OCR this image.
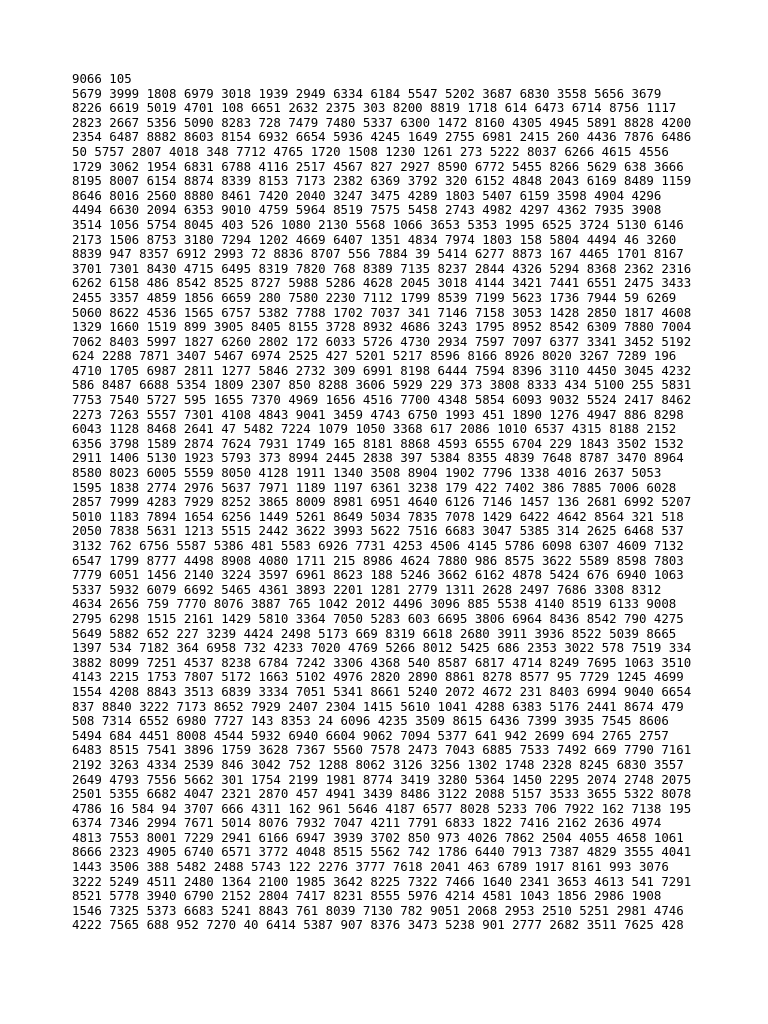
9066 105
5679 3999 1808 6979 3018 1939 2949 6334 6184 5547 5202 3687 6830 3558 5656 3679
8226 6619 5019 4701 108 6651 2632 2375 303 8200 8819 1718 614 6473 6714 8756 1117
2823 2667 5356 5090 8283 728 7479 7480 5337 6300 1472 8160 4305 4945 5891 8828 4200
2354 6487 8882 8603 8154 6932 6654 5936 4245 1649 2755 6981 2415 260 4436 7876 6486
50 5757 2807 4018 348 7712 4765 1720 1508 1230 1261 273 5222 8037 6266 4615 4556
1729 3062 1954 6831 6788 4116 2517 4567 827 2927 8590 6772 5455 8266 5629 638 3666
8195 8007 6154 8874 8339 8153 7173 2382 6369 3792 320 6152 4848 2043 6169 8489 1159
8646 8016 2560 8880 8461 7420 2040 3247 3475 4289 1803 5407 6159 3598 4904 4296
4494 6630 2094 6353 9010 4759 5964 8519 7575 5458 2743 4982 4297 4362 7935 3908
3514 1056 5754 8045 403 526 1080 2130 5568 1066 3653 5353 1995 6525 3724 5130 6146
2173 1506 8753 3180 7294 1202 4669 6407 1351 4834 7974 1803 158 5804 4494 46 3260
8839 947 8357 6912 2993 72 8836 8707 556 7884 39 5414 6277 8873 167 4465 1701 8167
3701 7301 8430 4715 6495 8319 7820 768 8389 7135 8237 2844 4326 5294 8368 2362 2316
6262 6158 486 8542 8525 8727 5988 5286 4628 2045 3018 4144 3421 7441 6551 2475 3433
2455 3357 4859 1856 6659 280 7580 2230 7112 1799 8539 7199 5623 1736 7944 59 6269
5060 8622 4536 1565 6757 5382 7788 1702 7037 341 7146 7158 3053 1428 2850 1817 4608
1329 1660 1519 899 3905 8405 8155 3728 8932 4686 3243 1795 8952 8542 6309 7880 7004
7062 8403 5997 1827 6260 2802 172 6033 5726 4730 2934 7597 7097 6377 3341 3452 5192
624 2288 7871 3407 5467 6974 2525 427 5201 5217 8596 8166 8926 8020 3267 7289 196
4710 1705 6987 2811 1277 5846 2732 309 6991 8198 6444 7594 8396 3110 4450 3045 4232
586 8487 6688 5354 1809 2307 850 8288 3606 5929 229 373 3808 8333 434 5100 255 5831
7753 7540 5727 595 1655 7370 4969 1656 4516 7700 4348 5854 6093 9032 5524 2417 8462
2273 7263 5557 7301 4108 4843 9041 3459 4743 6750 1993 451 1890 1276 4947 886 8298
6043 1128 8468 2641 47 5482 7224 1079 1050 3368 617 2086 1010 6537 4315 8188 2152
6356 3798 1589 2874 7624 7931 1749 165 8181 8868 4593 6555 6704 229 1843 3502 1532
2911 1406 5130 1923 5793 373 8994 2445 2838 397 5384 8355 4839 7648 8787 3470 8964
8580 8023 6005 5559 8050 4128 1911 1340 3508 8904 1902 7796 1338 4016 2637 5053
1595 1838 2774 2976 5637 7971 1189 1197 6361 3238 179 422 7402 386 7885 7006 6028
2857 7999 4283 7929 8252 3865 8009 8981 6951 4640 6126 7146 1457 136 2681 6992 5207
5010 1183 7894 1654 6256 1449 5261 8649 5034 7835 7078 1429 6422 4642 8564 321 518
2050 7838 5631 1213 5515 2442 3622 3993 5622 7516 6683 3047 5385 314 2625 6468 537
3132 762 6756 5587 5386 481 5583 6926 7731 4253 4506 4145 5786 6098 6307 4609 7132
6547 1799 8777 4498 8908 4080 1711 215 8986 4624 7880 986 8575 3622 5589 8598 7803
7779 6051 1456 2140 3224 3597 6961 8623 188 5246 3662 6162 4878 5424 676 6940 1063
5337 5932 6079 6692 5465 4361 3893 2201 1281 2779 1311 2628 2497 7686 3308 8312
4634 2656 759 7770 8076 3887 765 1042 2012 4496 3096 885 5538 4140 8519 6133 9008
2795 6298 1515 2161 1429 5810 3364 7050 5283 603 6695 3806 6964 8436 8542 790 4275
5649 5882 652 227 3239 4424 2498 5173 669 8319 6618 2680 3911 3936 8522 5039 8665
1397 534 7182 364 6958 732 4233 7020 4769 5266 8012 5425 686 2353 3022 578 7519 334
3882 8099 7251 4537 8238 6784 7242 3306 4368 540 8587 6817 4714 8249 7695 1063 3510
4143 2215 1753 7807 5172 1663 5102 4976 2820 2890 8861 8278 8577 95 7729 1245 4699
1554 4208 8843 3513 6839 3334 7051 5341 8661 5240 2072 4672 231 8403 6994 9040 6654
837 8840 3222 7173 8652 7929 2407 2304 1415 5610 1041 4288 6383 5176 2441 8674 479
508 7314 6552 6980 7727 143 8353 24 6096 4235 3509 8615 6436 7399 3935 7545 8606
5494 684 4451 8008 4544 5932 6940 6604 9062 7094 5377 641 942 2699 694 2765 2757
6483 8515 7541 3896 1759 3628 7367 5560 7578 2473 7043 6885 7533 7492 669 7790 7161
2192 3263 4334 2539 846 3042 752 1288 8062 3126 3256 1302 1748 2328 8245 6830 3557
2649 4793 7556 5662 301 1754 2199 1981 8774 3419 3280 5364 1450 2295 2074 2748 2075
2501 5355 6682 4047 2321 2870 457 4941 3439 8486 3122 2088 5157 3533 3655 5322 8078
4786 16 584 94 3707 666 4311 162 961 5646 4187 6577 8028 5233 706 7922 162 7138 195
6374 7346 2994 7671 5014 8076 7932 7047 4211 7791 6833 1822 7416 2162 2636 4974
4813 7553 8001 7229 2941 6166 6947 3939 3702 850 973 4026 7862 2504 4055 4658 1061
8666 2323 4905 6740 6571 3772 4048 8515 5562 742 1786 6440 7913 7387 4829 3555 4041
1443 3506 388 5482 2488 5743 122 2276 3777 7618 2041 463 6789 1917 8161 993 3076
3222 5249 4511 2480 1364 2100 1985 3642 8225 7322 7466 1640 2341 3653 4613 541 7291
8521 5778 3940 6790 2152 2804 7417 8231 8555 5976 4214 4581 1043 1856 2986 1908
1546 7325 5373 6683 5241 8843 761 8039 7130 782 9051 2068 2953 2510 5251 2981 4746
4222 7565 688 952 7270 40 6414 5387 907 8376 3473 5238 901 2777 2682 3511 7625 428
